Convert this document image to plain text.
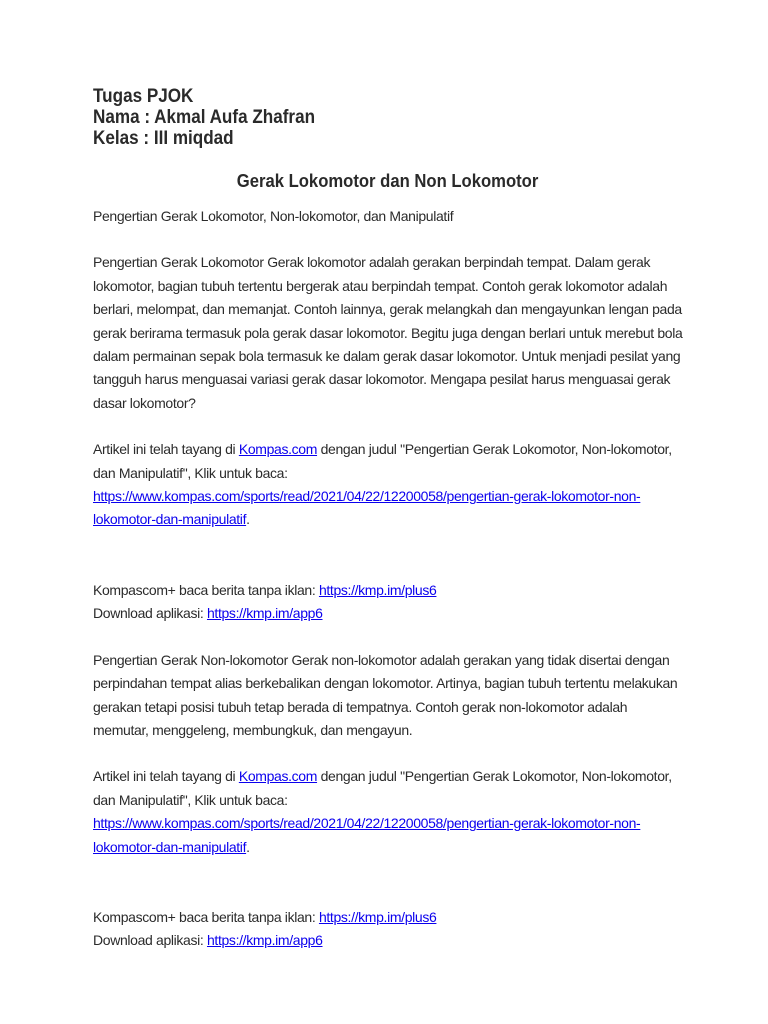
Tugas PJOK
Nama : Akmal Aufa Zhafran
Kelas : III miqdad
Gerak Lokomotor dan Non Lokomotor

Pengertian Gerak Lokomotor, Non-lokomotor, dan Manipulatif

Pengertian Gerak Lokomotor Gerak lokomotor adalah gerakan berpindah tempat. Dalam gerak lokomotor, bagian tubuh tertentu bergerak atau berpindah tempat. Contoh gerak lokomotor adalah berlari, melompat, dan memanjat. Contoh lainnya, gerak melangkah dan mengayunkan lengan pada gerak berirama termasuk pola gerak dasar lokomotor. Begitu juga dengan berlari untuk merebut bola dalam permainan sepak bola termasuk ke dalam gerak dasar lokomotor. Untuk menjadi pesilat yang tangguh harus menguasai variasi gerak dasar lokomotor. Mengapa pesilat harus menguasai gerak dasar lokomotor?

Artikel ini telah tayang di Kompas.com dengan judul "Pengertian Gerak Lokomotor, Non-lokomotor, dan Manipulatif", Klik untuk baca: https://www.kompas.com/sports/read/2021/04/22/12200058/pengertian-gerak-lokomotor-non-lokomotor-dan-manipulatif.

Kompascom+ baca berita tanpa iklan: https://kmp.im/plus6

Download aplikasi: https://kmp.im/app6

Pengertian Gerak Non-lokomotor Gerak non-lokomotor adalah gerakan yang tidak disertai dengan perpindahan tempat alias berkebalikan dengan lokomotor. Artinya, bagian tubuh tertentu melakukan gerakan tetapi posisi tubuh tetap berada di tempatnya. Contoh gerak non-lokomotor adalah memutar, menggeleng, membungkuk, dan mengayun.

Artikel ini telah tayang di Kompas.com dengan judul "Pengertian Gerak Lokomotor, Non-lokomotor, dan Manipulatif", Klik untuk baca: https://www.kompas.com/sports/read/2021/04/22/12200058/pengertian-gerak-lokomotor-non-lokomotor-dan-manipulatif.

Kompascom+ baca berita tanpa iklan: https://kmp.im/plus6

Download aplikasi: https://kmp.im/app6
